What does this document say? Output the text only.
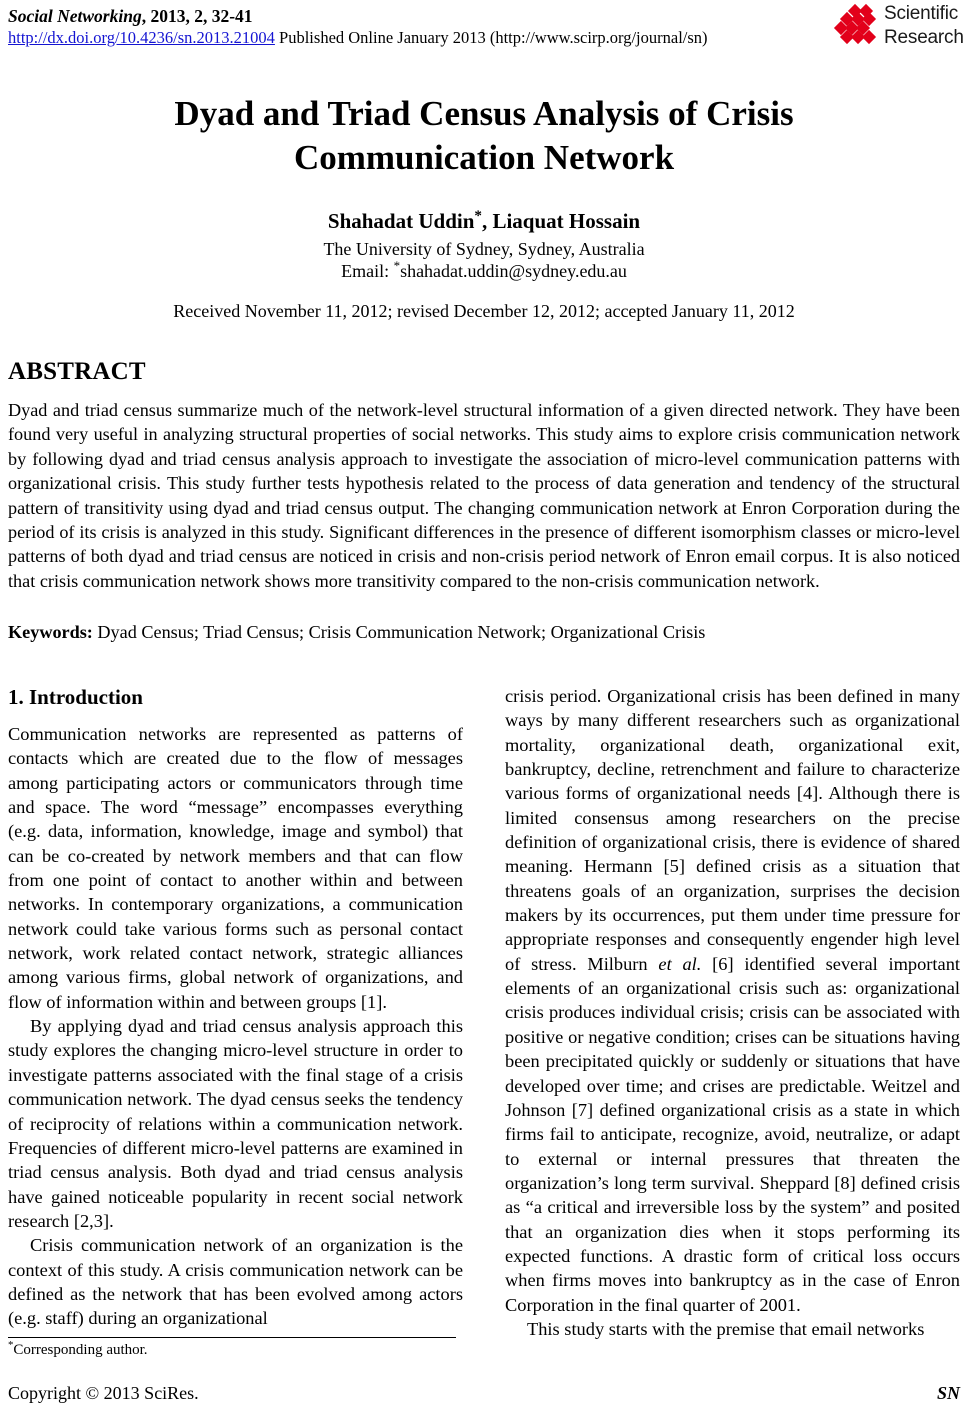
Social Networking, 2013, 2, 32-41
http://dx.doi.org/10.4236/sn.2013.21004 Published Online January 2013 (http://www.scirp.org/journal/sn)
Scientific
Research
Dyad and Triad Census Analysis of Crisis Communication Network
Shahadat Uddin*, Liaquat Hossain
The University of Sydney, Sydney, Australia
Email: *shahadat.uddin@sydney.edu.au
Received November 11, 2012; revised December 12, 2012; accepted January 11, 2012
ABSTRACT
Dyad and triad census summarize much of the network-level structural information of a given directed network. They have been found very useful in analyzing structural properties of social networks. This study aims to explore crisis communication network by following dyad and triad census analysis approach to investigate the association of micro-level communication patterns with organizational crisis. This study further tests hypothesis related to the process of data generation and tendency of the structural pattern of transitivity using dyad and triad census output. The changing communication network at Enron Corporation during the period of its crisis is analyzed in this study. Significant differences in the presence of different isomorphism classes or micro-level patterns of both dyad and triad census are noticed in crisis and non-crisis period network of Enron email corpus. It is also noticed that crisis communication network shows more transitivity compared to the non-crisis communication network.
Keywords: Dyad Census; Triad Census; Crisis Communication Network; Organizational Crisis
1. Introduction

Communication networks are represented as patterns of contacts which are created due to the flow of messages among participating actors or communicators through time and space. The word “message” encompasses everything (e.g. data, information, knowledge, image and symbol) that can be co-created by network members and that can flow from one point of contact to another within and between networks. In contemporary organizations, a communication network could take various forms such as personal contact network, work related contact network, strategic alliances among various firms, global network of organizations, and flow of information within and between groups [1].

By applying dyad and triad census analysis approach this study explores the changing micro-level structure in order to investigate patterns associated with the final stage of a crisis communication network. The dyad census seeks the tendency of reciprocity of relations within a communication network. Frequencies of different micro-level patterns are examined in triad census analysis. Both dyad and triad census analysis have gained noticeable popularity in recent social network research [2,3].

Crisis communication network of an organization is the context of this study. A crisis communication network can be defined as the network that has been evolved among actors (e.g. staff) during an organizational

crisis period. Organizational crisis has been defined in many ways by many different researchers such as organizational mortality, organizational death, organizational exit, bankruptcy, decline, retrenchment and failure to characterize various forms of organizational needs [4]. Although there is limited consensus among researchers on the precise definition of organizational crisis, there is evidence of shared meaning. Hermann [5] defined crisis as a situation that threatens goals of an organization, surprises the decision makers by its occurrences, put them under time pressure for appropriate responses and consequently engender high level of stress. Milburn et al. [6] identified several important elements of an organizational crisis such as: organizational crisis produces individual crisis; crisis can be associated with positive or negative condition; crises can be situations having been precipitated quickly or suddenly or situations that have developed over time; and crises are predictable. Weitzel and Johnson [7] defined organizational crisis as a state in which firms fail to anticipate, recognize, avoid, neutralize, or adapt to external or internal pressures that threaten the organization’s long term survival. Sheppard [8] defined crisis as “a critical and irreversible loss by the system” and posited that an organization dies when it stops performing its expected functions. A drastic form of critical loss occurs when firms moves into bankruptcy as in the case of Enron Corporation in the final quarter of 2001.

This study starts with the premise that email networks

*Corresponding author.
Copyright © 2013 SciRes.	SN
